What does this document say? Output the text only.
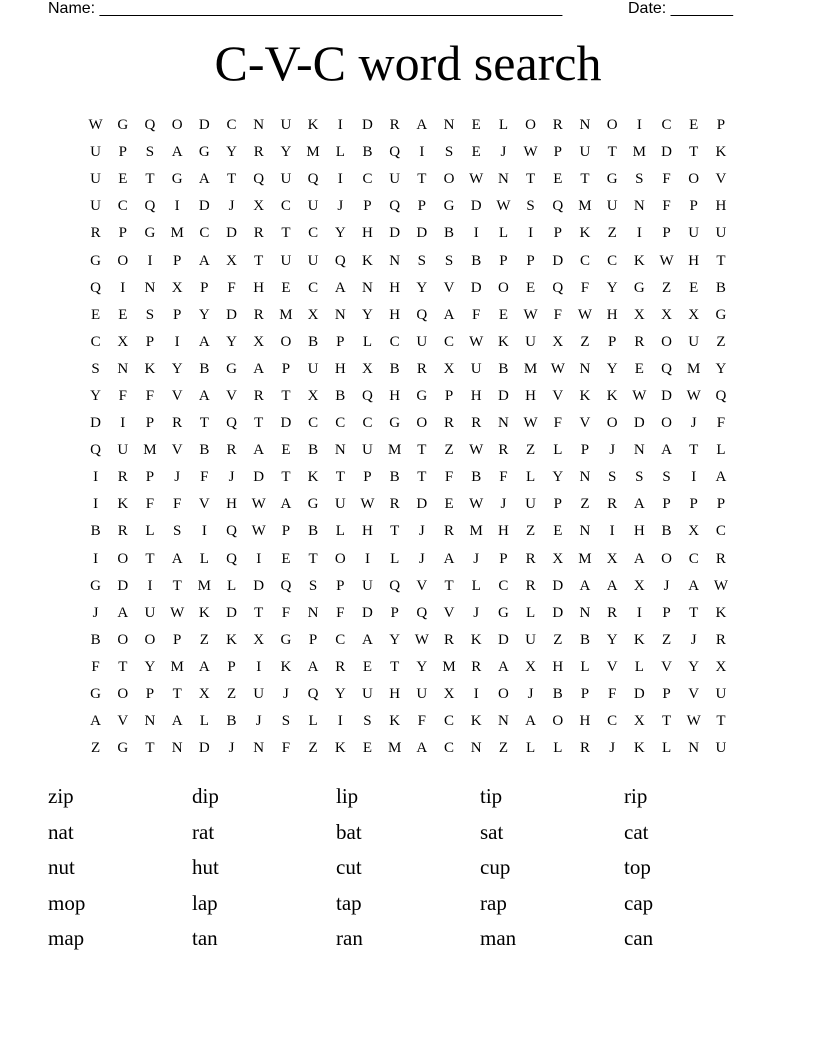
Name: ____________________________________________________	Date: _______
C-V-C word search
W G	Q	O	D	C	N	U	K	I	D	R	A	N	E	L	O	R	N	O	I	C	E	P
U	P	S	A	G	Y	R	Y	M	L	B	Q	I	S	E	J	W	P	U	T	M	D	T	K
U	E	T	G	A	T	Q	U	Q	I	C	U	T	O W N	T	E	T	G	S	F	O	V
U	C	Q	I	D	J	X	C	U	J	P	Q	P	G	D W	S	Q	M	U	N	F	P	H
R	P	G	M	C	D	R	T	C	Y	H	D	D	B	I	L	I	P	K	Z	I	P	U	U
G	O	I	P	A	X	T	U	U	Q	K	N	S	S	B	P	P	D	C	C	K W H	T
Q	I	N	X	P	F	H	E	C	A	N	H	Y	V	D	O	E	Q	F	Y	G	Z	E	B
E	E	S	P	Y	D	R	M	X	N	Y	H	Q	A	F	E	W	F	W H	X	X	X	G
C	X	P	I	A	Y	X	O	B	P	L	C	U	C	W K	U	X	Z	P	R	O	U	Z
S	N	K	Y	B	G	A	P	U	H	X	B	R	X	U	B	M W N	Y	E	Q	M	Y
Y	F	F	V	A	V	R	T	X	B	Q	H	G	P	H	D	H	V	K	K W D W Q
D	I	P	R	T	Q	T	D	C	C	C	G	O	R	R	N W	F	V	O	D	O	J	F
Q	U	M	V	B	R	A	E	B	N	U	M	T	Z	W	R	Z	L	P	J	N	A	T	L
I	R	P	J	F	J	D	T	K	T	P	B	T	F	B	F	L	Y	N	S	S	S	I	A
I	K	F	F	V	H W A	G	U W	R	D	E	W	J	U	P	Z	R	A	P	P	P
B	R	L	S	I	Q W	P	B	L	H	T	J	R	M	H	Z	E	N	I	H	B	X	C
I	O	T	A	L	Q	I	E	T	O	I	L	J	A	J	P	R	X	M	X	A	O	C	R
G	D	I	T	M	L	D	Q	S	P	U	Q	V	T	L	C	R	D	A	A	X	J	A W
J	A	U W K	D	T	F	N	F	D	P	Q	V	J	G	L	D	N	R	I	P	T	K
B	O	O	P	Z	K	X	G	P	C	A	Y W	R	K	D	U	Z	B	Y	K	Z	J	R
F	T	Y	M	A	P	I	K	A	R	E	T	Y	M	R	A	X	H	L	V	L	V	Y	X
G	O	P	T	X	Z	U	J	Q	Y	U	H	U	X	I	O	J	B	P	F	D	P	V	U
A	V	N	A	L	B	J	S	L	I	S	K	F	C	K	N	A	O	H	C	X	T	W	T
Z	G	T	N	D	J	N	F	Z	K	E	M	A	C	N	Z	L	L	R	J	K	L	N	U
zip	dip	lip	tip	rip
nat	rat	bat	sat	cat
nut	hut	cut	cup	top
mop	lap	tap	rap	cap
map	tan	ran	man	can
